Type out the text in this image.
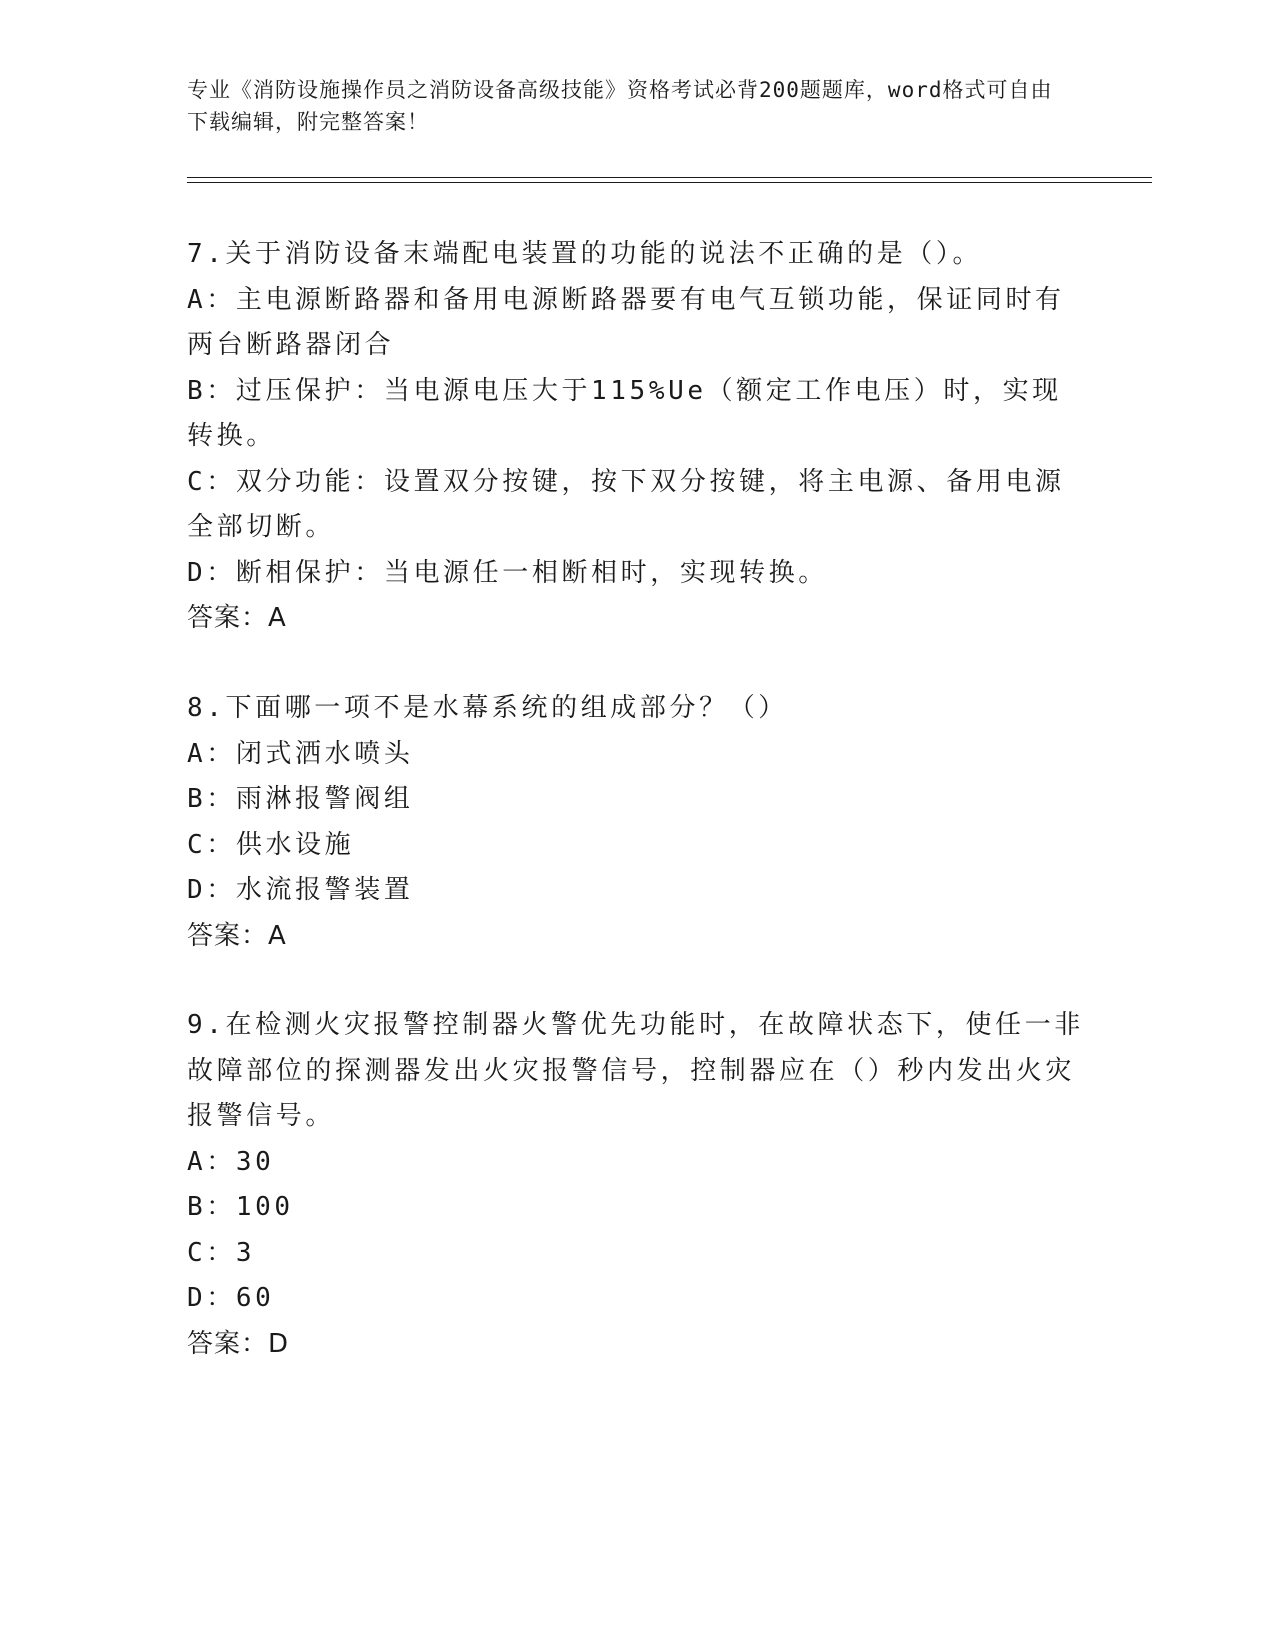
专业《消防设施操作员之消防设备高级技能》资格考试必背200题题库，word格式可自由下载编辑，附完整答案！
7.关于消防设备末端配电装置的功能的说法不正确的是（）。
A：主电源断路器和备用电源断路器要有电气互锁功能，保证同时有两台断路器闭合
B：过压保护：当电源电压大于115%Ue（额定工作电压）时，实现转换。
C：双分功能：设置双分按键，按下双分按键，将主电源、备用电源全部切断。
D：断相保护：当电源任一相断相时，实现转换。
答案：A
8.下面哪一项不是水幕系统的组成部分？（）
A：闭式洒水喷头
B：雨淋报警阀组
C：供水设施
D：水流报警装置
答案：A
9.在检测火灾报警控制器火警优先功能时，在故障状态下，使任一非故障部位的探测器发出火灾报警信号，控制器应在（）秒内发出火灾报警信号。
A：30
B：100
C：3
D：60
答案：D
